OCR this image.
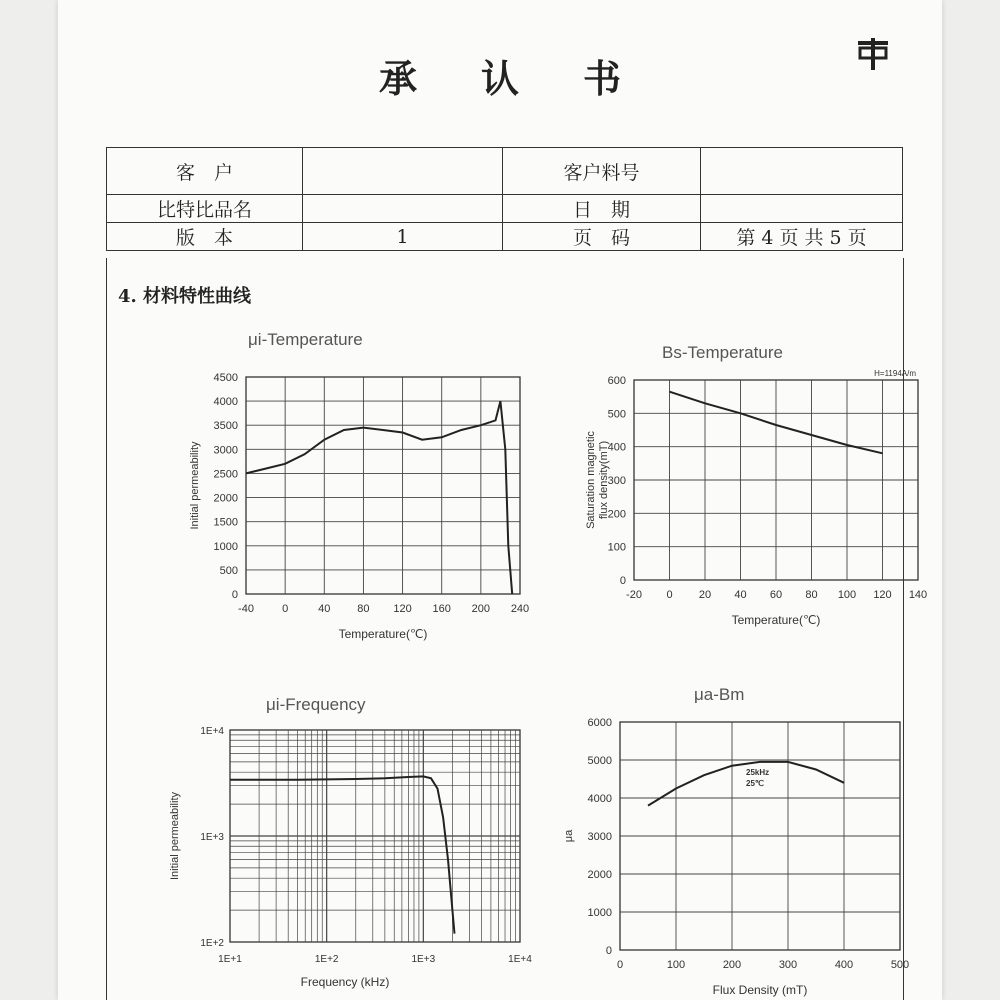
承认书
客　户		客户料号	
比特比品名		日　期	
版　本	1	页　码	第 4 页 共 5 页
4. 材料特性曲线
μi-Temperature
Bs-Temperature
μi-Frequency
μa-Bm
-40	0	40 80 120 160 200 240
0
500
1000
1500
2000
2500
3000
3500
4000
4500
Temperature(℃)
Initial permeability
-20 0 20 40 60 80 100 120 140
0
100
200
300
400
500
600
Temperature(℃)
Saturation magnetic flux density(mT)
H=1194A/m
1E+1	1E+2	1E+3	1E+4
1E+2
1E+3
1E+4
Frequency (kHz)
Initial permeability
0	100	200	300	400	500
0
1000
2000
3000
4000
5000
6000
Flux Density (mT)
μa
25kHz
25℃
